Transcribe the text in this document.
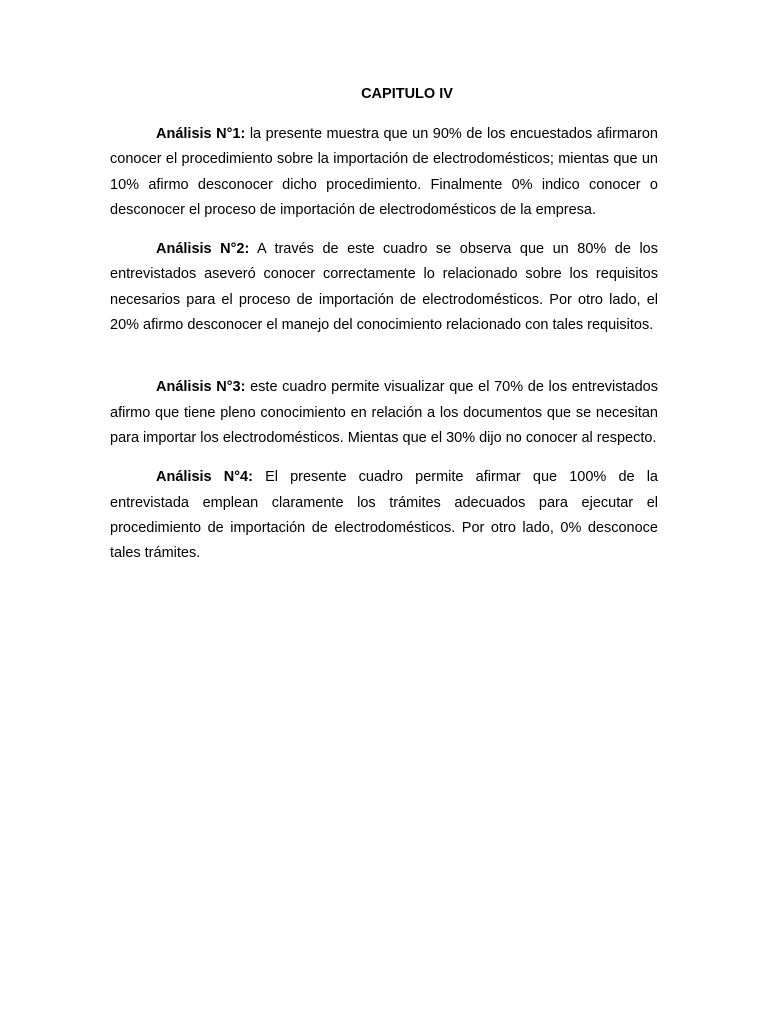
CAPITULO IV

Análisis N°1: la presente muestra que un 90% de los encuestados afirmaron conocer el procedimiento sobre la importación de electrodomésticos; mientas que un 10% afirmo desconocer dicho procedimiento. Finalmente 0% indico conocer o desconocer el proceso de importación de electrodomésticos de la empresa.

Análisis N°2: A través de este cuadro se observa que un 80% de los entrevistados aseveró conocer correctamente lo relacionado sobre los requisitos necesarios para el proceso de importación de electrodomésticos. Por otro lado, el 20% afirmo desconocer el manejo del conocimiento relacionado con tales requisitos.

Análisis N°3: este cuadro permite visualizar que el 70% de los entrevistados afirmo que tiene pleno conocimiento en relación a los documentos que se necesitan para importar los electrodomésticos. Mientas que el 30% dijo no conocer al respecto.

Análisis N°4: El presente cuadro permite afirmar que 100% de la entrevistada emplean claramente los trámites adecuados para ejecutar el procedimiento de importación de electrodomésticos. Por otro lado, 0% desconoce tales trámites.
